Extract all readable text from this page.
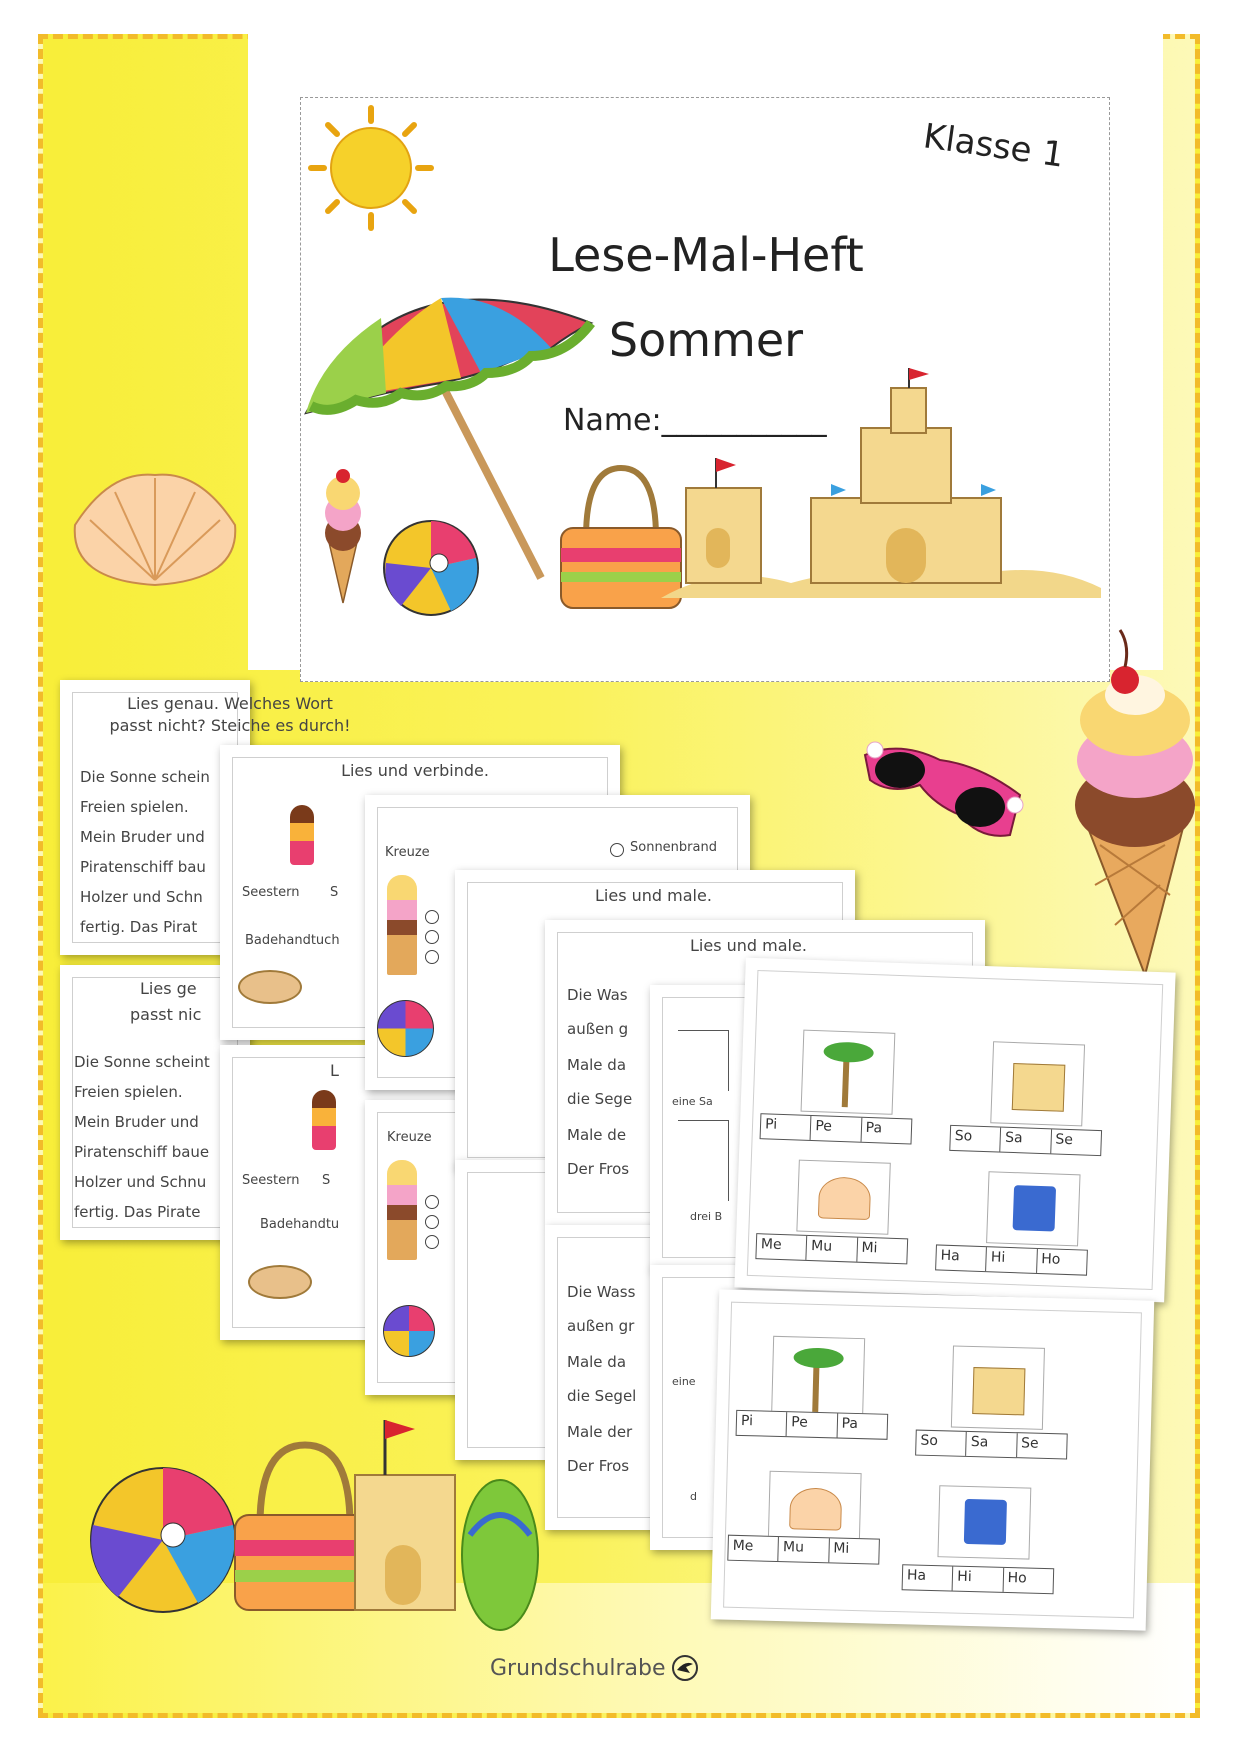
Klasse 1
Lese-Mal-Heft
Sommer
Name:___________
Lies genau. Welches Wort
passt nicht? Steiche es durch!
Die Sonne schein
Freien spielen.
Mein Bruder und
Piratenschiff bau
Holzer und Schn
fertig. Das Pirat
Lies ge
passt nic
Die Sonne scheint
Freien spielen.
Mein Bruder und
Piratenschiff baue
Holzer und Schnu
fertig. Das Pirate
Lies und verbinde.
Seestern S
Badehandtuch
L
Seestern S
Badehandtu
Kreuze	Sonnenbrand
Kreuze
Lies und male.
Lies und male.
Die Was
außen g
Male da
die Sege
Male de
Der Fros
Die Wass
außen gr
Male da
die Segel
Male der
Der Fros
eine Sa
drei B
eine
d
Pi	Pe	Pa	So	Sa	Se
Me	Mu	Mi	Ha	Hi	Ho
Pi	Pe	Pa
So	Sa	Se
Me	Mu	Mi
Ha	Hi	Ho
Grundschulrabe
